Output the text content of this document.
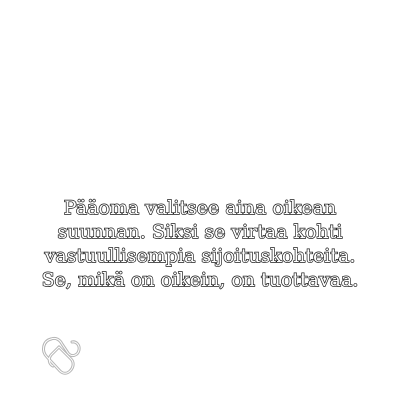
Pääoma valitsee aina oikean
suunnan. Siksi se virtaa kohti
vastuullisempia sijoituskohteita.
Se, mikä on oikein, on tuottavaa.
